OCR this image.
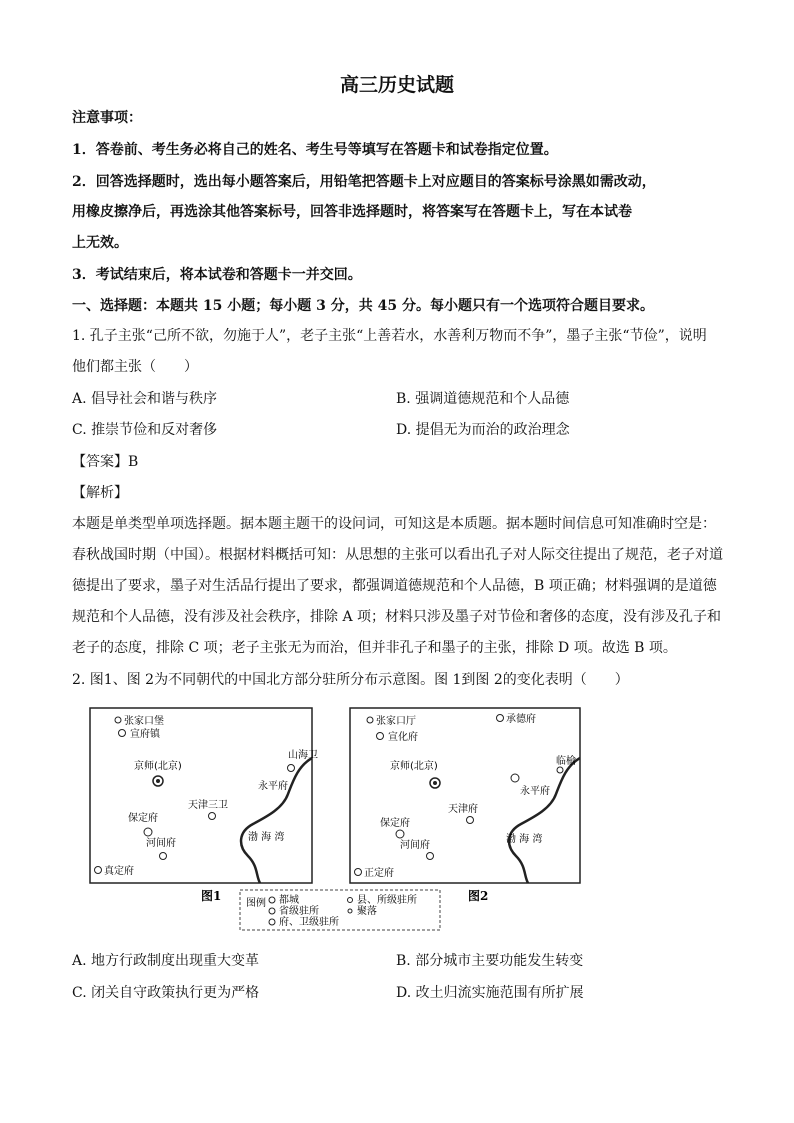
高三历史试题
注意事项：
1．答卷前、考生务必将自己的姓名、考生号等填写在答题卡和试卷指定位置。
2．回答选择题时，选出每小题答案后，用铅笔把答题卡上对应题目的答案标号涂黑如需改动，
用橡皮擦净后，再选涂其他答案标号，回答非选择题时，将答案写在答题卡上，写在本试卷
上无效。
3．考试结束后，将本试卷和答题卡一并交回。
一、选择题：本题共 15 小题；每小题 3 分，共 45 分。每小题只有一个选项符合题目要求。
1. 孔子主张“己所不欲，勿施于人”，老子主张“上善若水，水善利万物而不争”，墨子主张“节俭”，说明
他们都主张（　　）
A. 倡导社会和谐与秩序	B. 强调道德规范和个人品德
C. 推崇节俭和反对奢侈	D. 提倡无为而治的政治理念
【答案】B
【解析】
本题是单类型单项选择题。据本题主题干的设问词，可知这是本质题。据本题时间信息可知准确时空是：
春秋战国时期（中国）。根据材料概括可知：从思想的主张可以看出孔子对人际交往提出了规范，老子对道
德提出了要求，墨子对生活品行提出了要求，都强调道德规范和个人品德，B 项正确；材料强调的是道德
规范和个人品德，没有涉及社会秩序，排除 A 项；材料只涉及墨子对节俭和奢侈的态度，没有涉及孔子和
老子的态度，排除 C 项；老子主张无为而治，但并非孔子和墨子的主张，排除 D 项。故选 B 项。
2. 图1、图 2为不同朝代的中国北方部分驻所分布示意图。图 1到图 2的变化表明（　　）
张家口堡
宣府镇
京师(北京)
山海卫
永平府
天津三卫
保定府
河间府
渤 海 湾
真定府
图1
张家口厅
宣化府
承德府
京师(北京)	临榆
永平府
天津府
保定府
河间府
渤 海 湾
正定府
图2
图例 都城
省级驻所
府、卫级驻所
县、所级驻所
聚落
A. 地方行政制度出现重大变革	B. 部分城市主要功能发生转变
C. 闭关自守政策执行更为严格	D. 改土归流实施范围有所扩展
